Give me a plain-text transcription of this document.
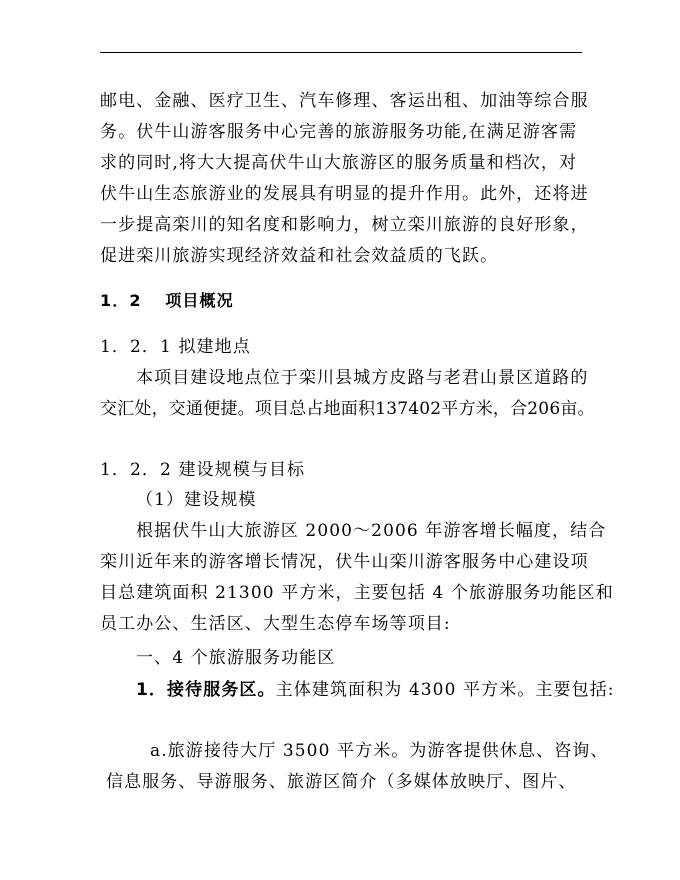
邮电、金融、医疗卫生、汽车修理、客运出租、加油等综合服
务。伏牛山游客服务中心完善的旅游服务功能,在满足游客需
求的同时,将大大提高伏牛山大旅游区的服务质量和档次，对
伏牛山生态旅游业的发展具有明显的提升作用。此外，还将进
一步提高栾川的知名度和影响力，树立栾川旅游的良好形象，
促进栾川旅游实现经济效益和社会效益质的飞跃。
1．2　 项目概况
1．2．1 拟建地点
本项目建设地点位于栾川县城方皮路与老君山景区道路的
交汇处，交通便捷。项目总占地面积137402平方米，合206亩。
1．2．2 建设规模与目标
（1）建设规模
根据伏牛山大旅游区 2000～2006 年游客增长幅度，结合
栾川近年来的游客增长情况，伏牛山栾川游客服务中心建设项
目总建筑面积 21300 平方米，主要包括 4 个旅游服务功能区和
员工办公、生活区、大型生态停车场等项目:
一、4 个旅游服务功能区
1．接待服务区。主体建筑面积为 4300 平方米。主要包括:
a.旅游接待大厅 3500 平方米。为游客提供休息、咨询、
信息服务、导游服务、旅游区简介（多媒体放映厅、图片、
